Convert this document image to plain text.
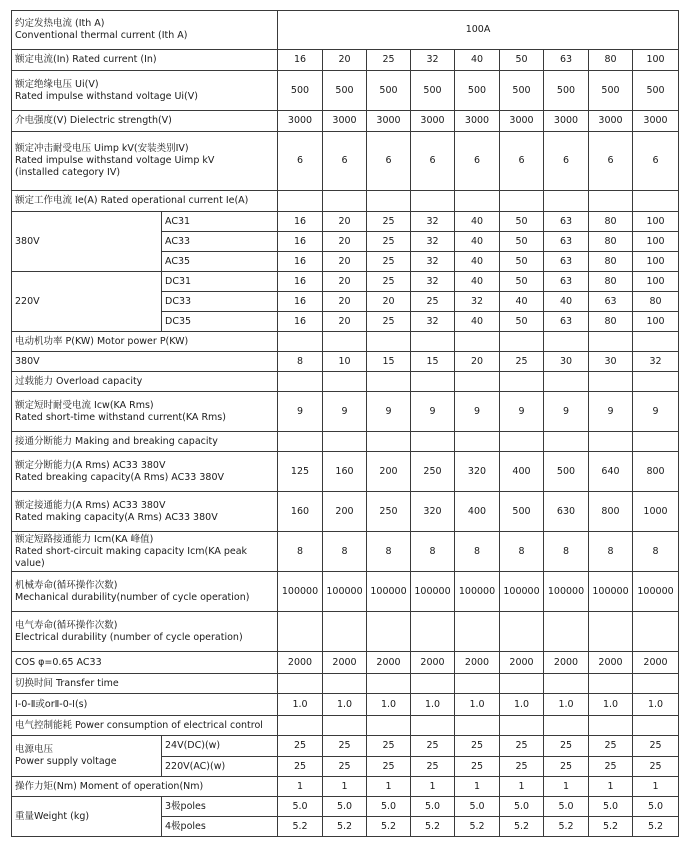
约定发热电流 (Ith A)
Conventional thermal current (Ith A)		100A								
额定电流(In) Rated current (In)		16	20	25	32	40	50	63	80	100

额定绝缘电压 Ui(V)
Rated impulse withstand voltage Ui(V)		500	500	500	500	500	500	500	500	500
介电强度(V) Dielectric strength(V)		3000	3000	3000	3000	3000	3000	3000	3000	3000

额定冲击耐受电压 Uimp kV(安装类别IV)
Rated impulse withstand voltage Uimp kV
(installed category IV)		6	6	6	6	6	6	6	6	6
额定工作电流 Ie(A) Rated operational current Ie(A)										
380V	AC31	16	20	25	32	40	50	63	80	100
	AC33	16	20	25	32	40	50	63	80	100
	AC35	16	20	25	32	40	50	63	80	100
220V	DC31	16	20	25	32	40	50	63	80	100
	DC33	16	20	20	25	32	40	40	63	80
	DC35	16	20	25	32	40	50	63	80	100
电动机功率 P(KW) Motor power P(KW)										
380V		8	10	15	15	20	25	30	30	32
过载能力 Overload capacity										

额定短时耐受电流 Icw(KA Rms)
Rated short-time withstand current(KA Rms)		9	9	9	9	9	9	9	9	9
接通分断能力 Making and breaking capacity										

额定分断能力(A Rms) AC33 380V
Rated breaking capacity(A Rms) AC33 380V		125	160	200	250	320	400	500	640	800

额定接通能力(A Rms) AC33 380V
Rated making capacity(A Rms) AC33 380V		160	200	250	320	400	500	630	800	1000

额定短路接通能力 Icm(KA 峰值)
Rated short-circuit making capacity Icm(KA peak value)		8	8	8	8	8	8	8	8	8

机械寿命(循环操作次数)
Mechanical durability(number of cycle operation)		100000	100000	100000	100000	100000	100000	100000	100000	100000

电气寿命(循环操作次数)
Electrical durability (number of cycle operation)										

COS φ=0.65 AC33		2000	2000	2000	2000	2000	2000	2000	2000	2000
切换时间 Transfer time										
Ⅰ-0-Ⅱ或orⅡ-0-Ⅰ(s)		1.0	1.0	1.0	1.0	1.0	1.0	1.0	1.0	1.0
电气控制能耗 Power consumption of electrical control										

电源电压
Power supply voltage	24V(DC)(w)	25	25	25	25	25	25	25	25	25
	220V(AC)(w)	25	25	25	25	25	25	25	25	25
操作力矩(Nm) Moment of operation(Nm)		1	1	1	1	1	1	1	1	1
重量Weight (kg)	3极poles	5.0	5.0	5.0	5.0	5.0	5.0	5.0	5.0	5.0
	4极poles	5.2	5.2	5.2	5.2	5.2	5.2	5.2	5.2	5.2
